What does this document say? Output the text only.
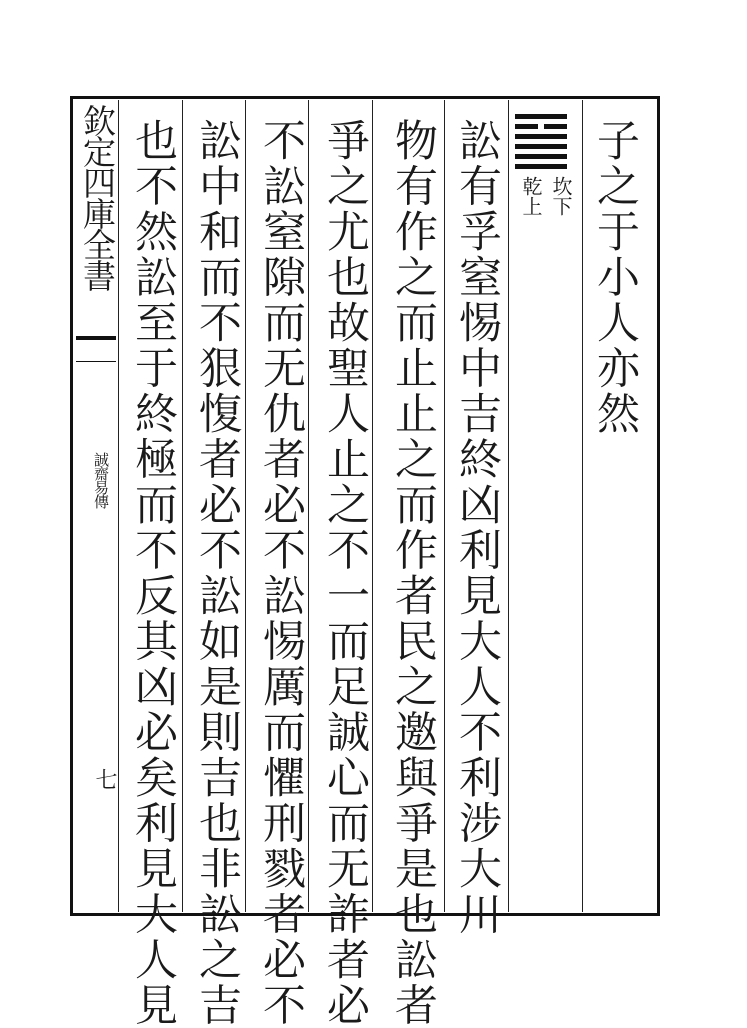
欽定四庫全書
誠齋易傳
七

子之于小人亦然

坎下
乾上

訟有孚窒惕中吉終凶利見大人不利涉大川

物有作之而止止之而作者民之邀與爭是也訟者

爭之尤也故聖人止之不一而足誠心而无詐者必

不訟窒隙而无仇者必不訟惕厲而懼刑戮者必不

訟中和而不狠愎者必不訟如是則吉也非訟之吉

也不然訟至于終極而不反其凶必矣利見大人見
